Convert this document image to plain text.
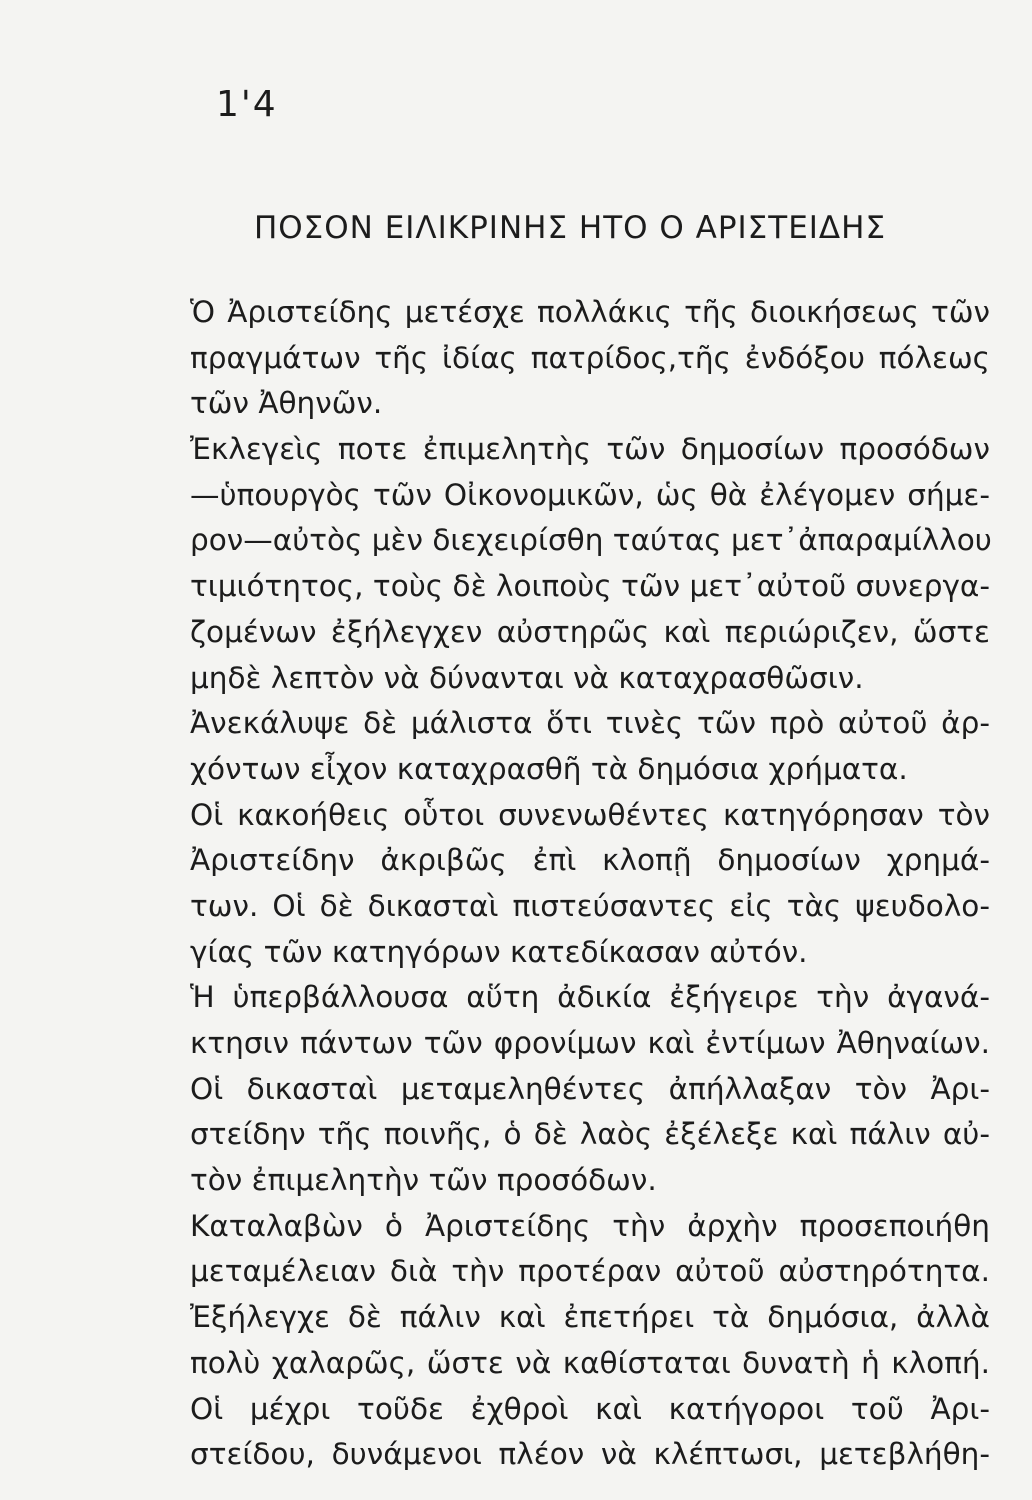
1'4
ΠΟΣΟΝ ΕΙΛΙΚΡΙΝΗΣ ΗΤΟ Ο ΑΡΙΣΤΕΙΔΗΣ
Ὁ Ἀριστείδης μετέσχε πολλάκις τῆς διοικήσεως τῶν
πραγμάτων τῆς ἰδίας πατρίδος,τῆς ἐνδόξου πόλεως
τῶν Ἀθηνῶν.
Ἐκλεγεὶς ποτε ἐπιμελητὴς τῶν δημοσίων προσόδων
—ὑπουργὸς τῶν Οἰκονομικῶν, ὡς θὰ ἐλέγομεν σήμε-
ρον—αὐτὸς μὲν διεχειρίσθη ταύτας μετ᾽ἀπαραμίλλου
τιμιότητος, τοὺς δὲ λοιποὺς τῶν μετ᾽αὐτοῦ συνεργα-
ζομένων ἐξήλεγχεν αὐστηρῶς καὶ περιώριζεν, ὥστε
μηδὲ λεπτὸν νὰ δύνανται νὰ καταχρασθῶσιν.
Ἀνεκάλυψε δὲ μάλιστα ὅτι τινὲς τῶν πρὸ αὐτοῦ ἀρ-
χόντων εἶχον καταχρασθῆ τὰ δημόσια χρήματα.
Οἱ κακοήθεις οὗτοι συνενωθέντες κατηγόρησαν τὸν
Ἀριστείδην ἀκριβῶς ἐπὶ κλοπῇ δημοσίων χρημά-
των. Οἱ δὲ δικασταὶ πιστεύσαντες εἰς τὰς ψευδολο-
γίας τῶν κατηγόρων κατεδίκασαν αὐτόν.
Ἡ ὑπερβάλλουσα αὕτη ἀδικία ἐξήγειρε τὴν ἀγανά-
κτησιν πάντων τῶν φρονίμων καὶ ἐντίμων Ἀθηναίων.
Οἱ δικασταὶ μεταμεληθέντες ἀπήλλαξαν τὸν Ἀρι-
στείδην τῆς ποινῆς, ὁ δὲ λαὸς ἐξέλεξε καὶ πάλιν αὐ-
τὸν ἐπιμελητὴν τῶν προσόδων.
Καταλαβὼν ὁ Ἀριστείδης τὴν ἀρχὴν προσεποιήθη
μεταμέλειαν διὰ τὴν προτέραν αὐτοῦ αὐστηρότητα.
Ἐξήλεγχε δὲ πάλιν καὶ ἐπετήρει τὰ δημόσια, ἀλλὰ
πολὺ χαλαρῶς, ὥστε νὰ καθίσταται δυνατὴ ἡ κλοπή.
Οἱ μέχρι τοῦδε ἐχθροὶ καὶ κατήγοροι τοῦ Ἀρι-
στείδου, δυνάμενοι πλέον νὰ κλέπτωσι, μετεβλήθη-
